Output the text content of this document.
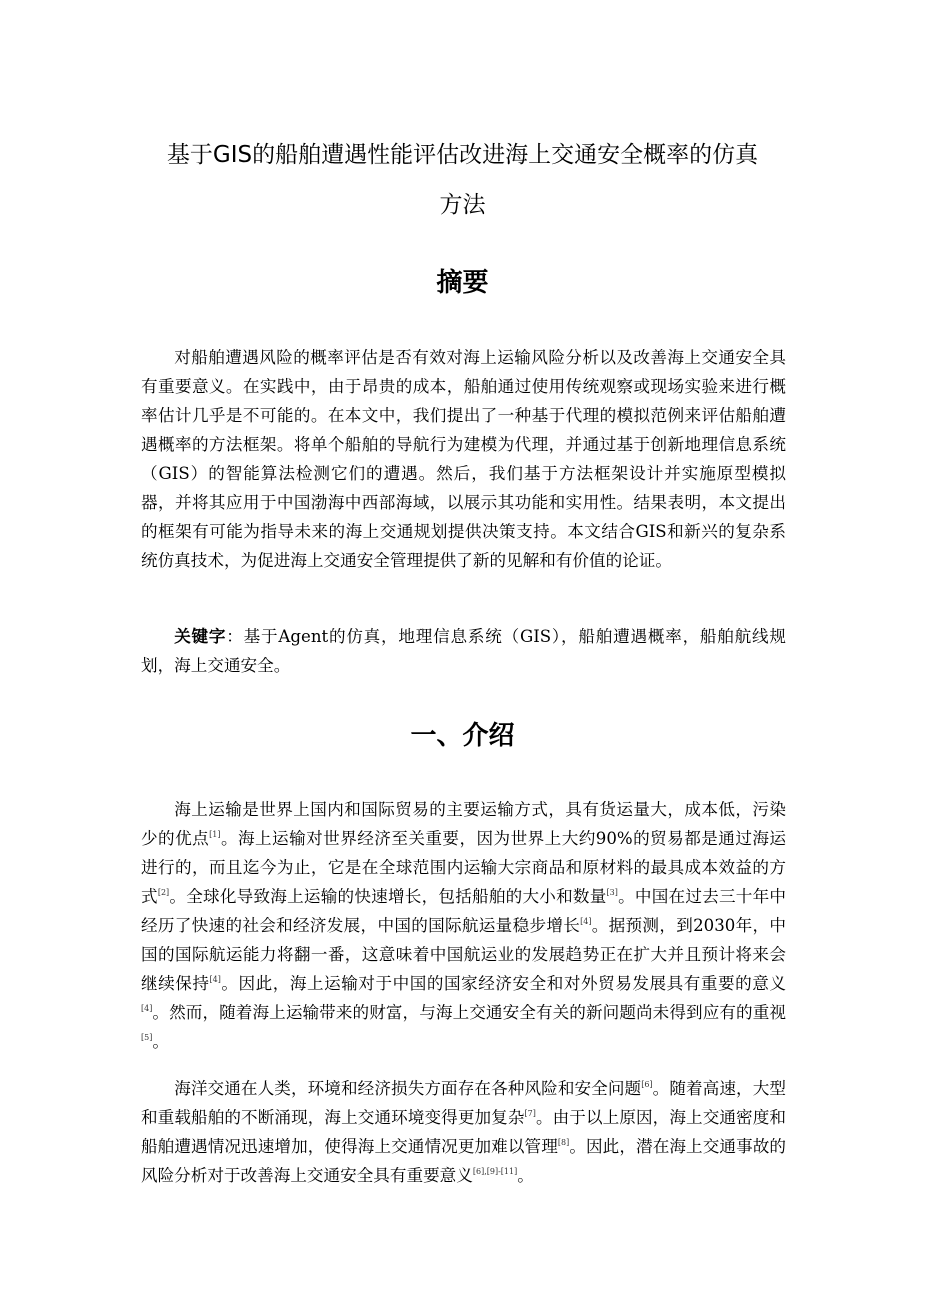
基于GIS的船舶遭遇性能评估改进海上交通安全概率的仿真
方法
摘要

对船舶遭遇风险的概率评估是否有效对海上运输风险分析以及改善海上交通安全具有重要意义。在实践中，由于昂贵的成本，船舶通过使用传统观察或现场实验来进行概率估计几乎是不可能的。在本文中，我们提出了一种基于代理的模拟范例来评估船舶遭遇概率的方法框架。将单个船舶的导航行为建模为代理，并通过基于创新地理信息系统（GIS）的智能算法检测它们的遭遇。然后，我们基于方法框架设计并实施原型模拟器，并将其应用于中国渤海中西部海域，以展示其功能和实用性。结果表明，本文提出的框架有可能为指导未来的海上交通规划提供决策支持。本文结合GIS和新兴的复杂系统仿真技术，为促进海上交通安全管理提供了新的见解和有价值的论证。

关键字：基于Agent的仿真，地理信息系统（GIS），船舶遭遇概率，船舶航线规划，海上交通安全。

一、介绍

海上运输是世界上国内和国际贸易的主要运输方式，具有货运量大，成本低，污染少的优点[1]。海上运输对世界经济至关重要，因为世界上大约90%的贸易都是通过海运进行的，而且迄今为止，它是在全球范围内运输大宗商品和原材料的最具成本效益的方式[2]。全球化导致海上运输的快速增长，包括船舶的大小和数量[3]。中国在过去三十年中经历了快速的社会和经济发展，中国的国际航运量稳步增长[4]。据预测，到2030年，中国的国际航运能力将翻一番，这意味着中国航运业的发展趋势正在扩大并且预计将来会继续保持[4]。因此，海上运输对于中国的国家经济安全和对外贸易发展具有重要的意义[4]。然而，随着海上运输带来的财富，与海上交通安全有关的新问题尚未得到应有的重视[5]。

海洋交通在人类，环境和经济损失方面存在各种风险和安全问题[6]。随着高速，大型和重载船舶的不断涌现，海上交通环境变得更加复杂[7]。由于以上原因，海上交通密度和船舶遭遇情况迅速增加，使得海上交通情况更加难以管理[8]。因此，潜在海上交通事故的风险分析对于改善海上交通安全具有重要意义[6],[9]-[11]。
